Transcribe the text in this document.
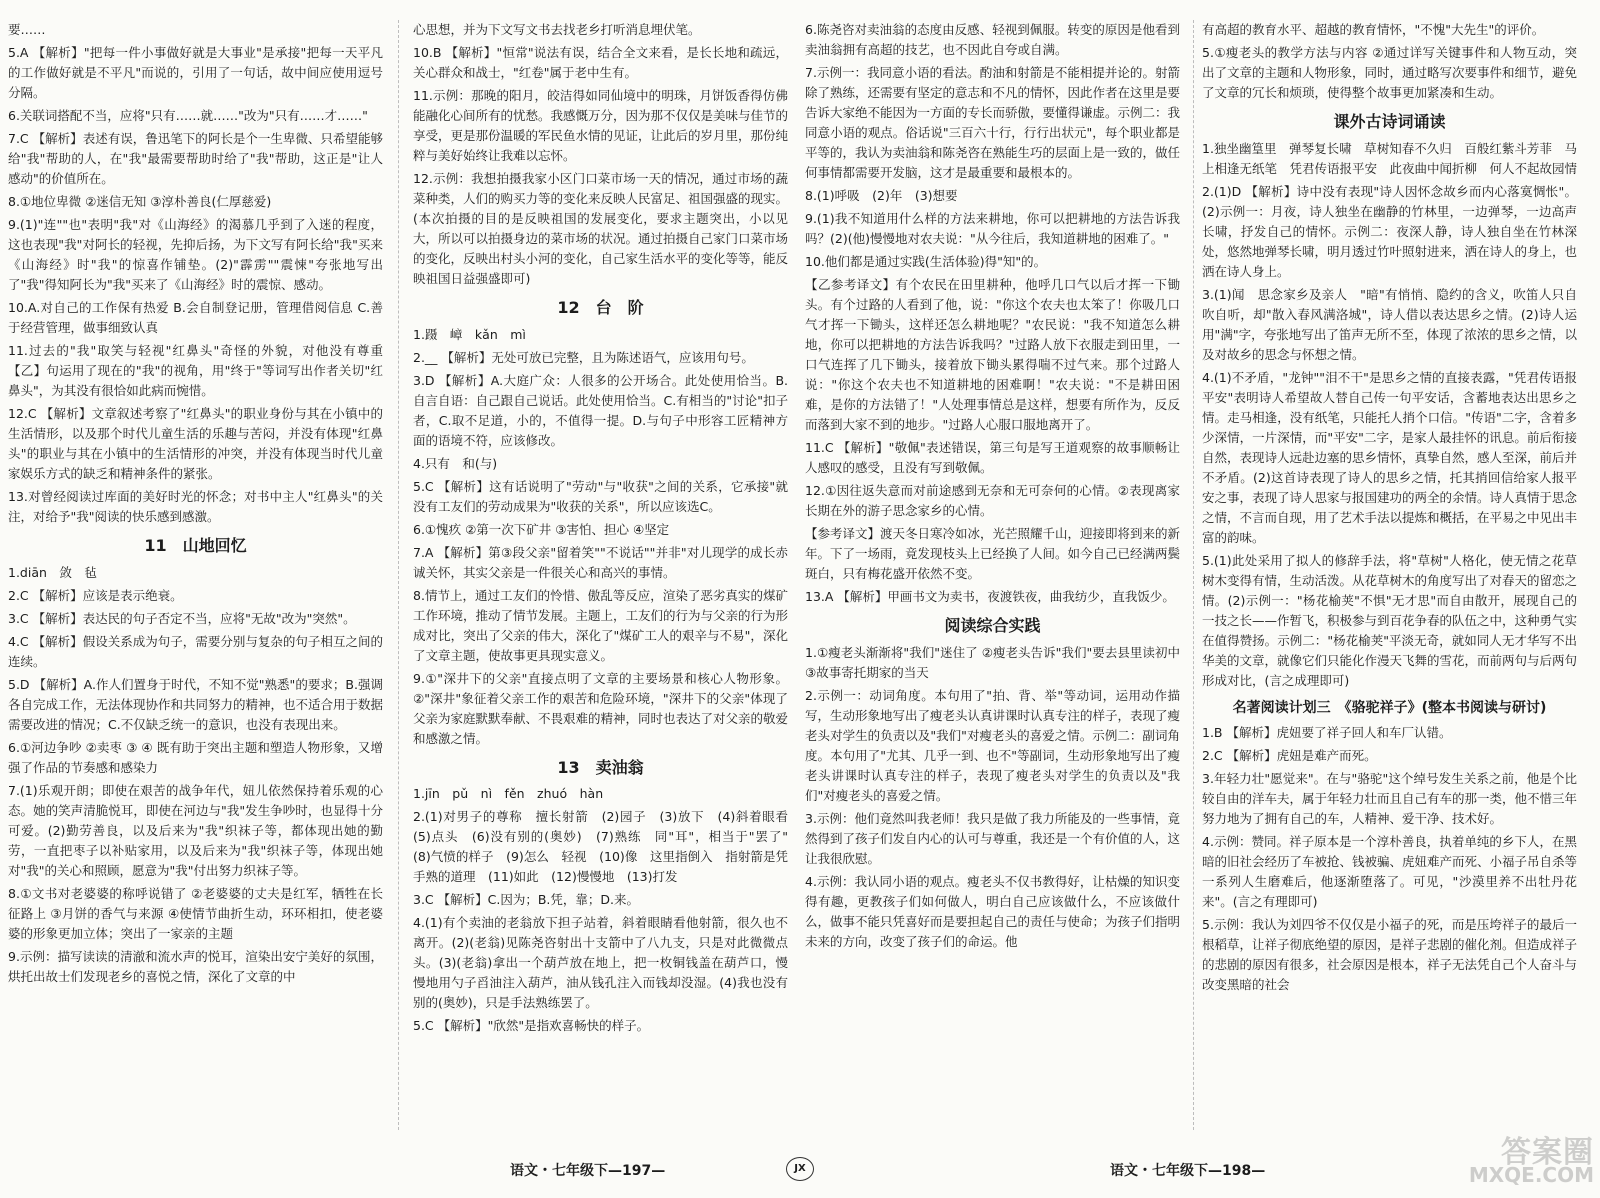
要……
5.A 【解析】"把每一件小事做好就是大事业"是承接"把每一天平凡的工作做好就是不平凡"而说的，引用了一句话，故中间应使用逗号分隔。
6.关联词搭配不当，应将"只有……就……"改为"只有……才……"
7.C 【解析】表述有误，鲁迅笔下的阿长是个一生卑微、只希望能够给"我"帮助的人，在"我"最需要帮助时给了"我"帮助，这正是"让人感动"的价值所在。
8.①地位卑微 ②迷信无知 ③淳朴善良(仁厚慈爱)
9.(1)"连""也"表明"我"对《山海经》的渴慕几乎到了入迷的程度，这也表现"我"对阿长的轻视，先抑后扬，为下文写有阿长给"我"买来《山海经》时"我"的惊喜作铺垫。(2)"霹雳""震悚"夸张地写出了"我"得知阿长为"我"买来了《山海经》时的震惊、感动。
10.A.对自己的工作保有热爱 B.会自制登记册，管理借阅信息 C.善于经营管理，做事细致认真
11.过去的"我"取笑与轻视"红鼻头"奇怪的外貌，对他没有尊重 【乙】句运用了现在的"我"的视角，用"终于"等词写出作者关切"红鼻头"，为其没有很恰如此病而惋惜。
12.C 【解析】文章叙述考察了"红鼻头"的职业身份与其在小镇中的生活情形，以及那个时代儿童生活的乐趣与苦闷，并没有体现"红鼻头"的职业与其在小镇中的生活情形的冲突，并没有体现当时代儿童家娱乐方式的缺乏和精神条件的紧张。
13.对曾经阅读过库面的美好时光的怀念；对书中主人"红鼻头"的关注，对给予"我"阅读的快乐感到感激。
11　山地回忆
1.diān　敛　毡
2.C 【解析】应该是表示绝衰。
3.C 【解析】表达民的句子否定不当，应将"无故"改为"突然"。
4.C 【解析】假设关系成为句子，需要分别与复杂的句子相互之间的连续。
5.D 【解析】A.作人们置身于时代，不知不觉"熟悉"的要求；B.强调各自完成工作，无法体现协作和共同努力的精神，也不适合用于数据需要改进的情况；C.不仅缺乏统一的意识，也没有表现出来。
6.①河边争吵 ②卖枣 ③ ④ 既有助于突出主题和塑造人物形象，又增强了作品的节奏感和感染力
7.(1)乐观开朗；即使在艰苦的战争年代，妞儿依然保持着乐观的心态。她的笑声清脆悦耳，即使在河边与"我"发生争吵时，也显得十分可爱。(2)勤劳善良，以及后来为"我"织袜子等，都体现出她的勤劳，一直把枣子以补贴家用，以及后来为"我"织袜子等，体现出她对"我"的关心和照顾，愿意为"我"付出努力织袜子等。
8.①文书对老婆婆的称呼说错了 ②老婆婆的丈夫是红军，牺牲在长征路上 ③月饼的香气与来源 ④使情节曲折生动，环环相扣，使老婆婆的形象更加立体；突出了一家亲的主题
9.示例：描写读读的清澈和流水声的悦耳，渲染出安宁美好的氛围，烘托出故士们发现老乡的喜悦之情，深化了文章的中
心思想，并为下文写文书去找老乡打听消息埋伏笔。
10.B 【解析】"恒常"说法有误，结合全文来看，是长长地和疏远，关心群众和战士，"红卷"属于老中生有。
11.示例：那晚的阳月，皎洁得如同仙境中的明珠，月饼饭香得仿佛能融化心间所有的忧愁。我感慨万分，因为那不仅仅是美味与佳节的享受，更是那份温暖的军民鱼水情的见证，让此后的岁月里，那份纯粹与美好始终让我难以忘怀。
12.示例：我想拍摄我家小区门口菜市场一天的情况，通过市场的蔬菜种类，人们的购买力等的变化来反映人民富足、祖国强盛的现实。(本次拍摄的目的是反映祖国的发展变化，要求主题突出，小以见大，所以可以拍摄身边的菜市场的状况。通过拍摄自己家门口菜市场的变化，反映出村头小河的变化，自己家生活水平的变化等等，能反映祖国日益强盛即可)
12　台　阶
1.蹑　嶂　kǎn　mì
2.__ 【解析】无处可放已完整，且为陈述语气，应该用句号。
3.D 【解析】A.大庭广众：人很多的公开场合。此处使用恰当。B.自言自语：自己跟自己说话。此处使用恰当。C.有相当的"讨论"扣子者，C.取不足道，小的，不值得一提。D.与句子中形容工匠精神方面的语境不符，应该修改。
4.只有　和(与)
5.C 【解析】这有话说明了"劳动"与"收获"之间的关系，它承接"就没有工友们的劳动成果为"收获的关系"，所以应该选C。
6.①愧疚 ②第一次下矿井 ③害怕、担心 ④坚定
7.A 【解析】第③段父亲"留着笑""不说话""并非"对儿现学的成长赤诚关怀，其实父亲是一件很关心和高兴的事情。
8.情节上，通过工友们的怜惜、傲乱等反应，渲染了恶劣真实的煤矿工作环境，推动了情节发展。主题上，工友们的行为与父亲的行为形成对比，突出了父亲的伟大，深化了"煤矿工人的艰辛与不易"，深化了文章主题，使故事更具现实意义。
9.①"深井下的父亲"直接点明了文章的主要场景和核心人物形象。②"深井"象征着父亲工作的艰苦和危险环境，"深井下的父亲"体现了父亲为家庭默默奉献、不畏艰难的精神，同时也表达了对父亲的敬爱和感激之情。
13　卖油翁
1.jīn　pǔ　nì　fěn　zhuó　hàn
2.(1)对男子的尊称　擅长射箭　(2)园子　(3)放下　(4)斜着眼看　(5)点头　(6)没有别的(奥妙)　(7)熟练　同"耳"，相当于"罢了"　(8)气愤的样子　(9)怎么　轻视　(10)像　这里指倒入　指射箭是凭手熟的道理　(11)如此　(12)慢慢地　(13)打发
3.C 【解析】C.因为；B.凭，靠；D.来。
4.(1)有个卖油的老翁放下担子站着，斜着眼睛看他射箭，很久也不离开。(2)(老翁)见陈尧咨射出十支箭中了八九支，只是对此微微点头。(3)(老翁)拿出一个葫芦放在地上，把一枚铜钱盖在葫芦口，慢慢地用勺子舀油注入葫芦，油从钱孔注入而钱却没湿。(4)我也没有别的(奥妙)，只是手法熟练罢了。
5.C 【解析】"欣然"是指欢喜畅快的样子。
6.陈尧咨对卖油翁的态度由反感、轻视到佩服。转变的原因是他看到卖油翁拥有高超的技艺，也不因此自夸或自满。
7.示例一：我同意小语的看法。酌油和射箭是不能相提并论的。射箭除了熟练，还需要有坚定的意志和不凡的情怀，因此作者在这里是要告诉大家绝不能因为一方面的专长而骄傲，要懂得谦虚。示例二：我同意小语的观点。俗话说"三百六十行，行行出状元"，每个职业都是平等的，我认为卖油翁和陈尧咨在熟能生巧的层面上是一致的，做任何事情都需要开发脑，这才是最重要和最根本的。
8.(1)呼吸　(2)年　(3)想要
9.(1)我不知道用什么样的方法来耕地，你可以把耕地的方法告诉我吗？(2)(他)慢慢地对农夫说："从今往后，我知道耕地的困难了。"
10.他们都是通过实践(生活体验)得"知"的。
【乙参考译文】有个农民在田里耕种，他呼几口气以后才挥一下锄头。有个过路的人看到了他，说："你这个农夫也太笨了！你吸几口气才挥一下锄头，这样还怎么耕地呢？"农民说："我不知道怎么耕地，你可以把耕地的方法告诉我吗？"过路人放下衣服走到田里，一口气连挥了几下锄头，接着放下锄头累得喘不过气来。那个过路人说："你这个农夫也不知道耕地的困难啊！"农夫说："不是耕田困难，是你的方法错了！"人处理事情总是这样，想要有所作为，反反而落到大家不到的地步。"过路人心服口服地离开了。
11.C 【解析】"敬佩"表述错误，第三句是写王道观察的故事顺畅让人感叹的感受，且没有写到敬佩。
12.①因往返失意而对前途感到无奈和无可奈何的心情。②表现离家长期在外的游子思念家乡的心情。
【参考译文】渡天冬日寒冷如冰，光芒照耀千山，迎接即将到来的新年。下了一场雨，竟发现枝头上已经换了人间。如今自己已经满两鬓斑白，只有梅花盛开依然不变。
13.A 【解析】甲画书文为卖书，夜渡铁夜，曲我纺少，直我饭少。
阅读综合实践
1.①瘦老头渐渐将"我们"迷住了 ②瘦老头告诉"我们"要去县里读初中 ③故事寄托期家的当天
2.示例一：动词角度。本句用了"拍、背、举"等动词，运用动作描写，生动形象地写出了瘦老头认真讲课时认真专注的样子，表现了瘦老头对学生的负责以及"我们"对瘦老头的喜爱之情。示例二：副词角度。本句用了"尤其、几乎一到、也不"等副词，生动形象地写出了瘦老头讲课时认真专注的样子，表现了瘦老头对学生的负责以及"我们"对瘦老头的喜爱之情。
3.示例：他们竟然叫我老师！我只是做了我力所能及的一些事情，竟然得到了孩子们发自内心的认可与尊重，我还是一个有价值的人，这让我很欣慰。
4.示例：我认同小语的观点。瘦老头不仅书教得好，让枯燥的知识变得有趣，更教孩子们如何做人，明白自己应该做什么，不应该做什么，做事不能只凭喜好而是要担起自己的责任与使命；为孩子们指明未来的方向，改变了孩子们的命运。他
有高超的教育水平、超越的教育情怀，"不愧"大先生"的评价。
5.①瘦老头的教学方法与内容 ②通过详写关键事件和人物互动，突出了文章的主题和人物形象，同时，通过略写次要事件和细节，避免了文章的冗长和烦琐，使得整个故事更加紧凑和生动。
课外古诗词诵读
1.独坐幽篁里　弹琴复长啸　草树知春不久归　百般红紫斗芳菲　马上相逢无纸笔　凭君传语报平安　此夜曲中闻折柳　何人不起故园情
2.(1)D 【解析】诗中没有表现"诗人因怀念故乡而内心落寞惆怅"。(2)示例一：月夜，诗人独坐在幽静的竹林里，一边弹琴，一边高声长啸，抒发自己的情怀。示例二：夜深人静，诗人独自坐在竹林深处，悠然地弹琴长啸，明月透过竹叶照射进来，洒在诗人的身上，也洒在诗人身上。
3.(1)闻　思念家乡及亲人　"暗"有悄悄、隐约的含义，吹笛人只自吹自听，却"散入春风满洛城"，诗人借以表达思乡之情。(2)诗人运用"满"字，夸张地写出了笛声无所不至，体现了浓浓的思乡之情，以及对故乡的思念与怀想之情。
4.(1)不矛盾，"龙钟""泪不干"是思乡之情的直接表露，"凭君传语报平安"表明诗人希望故人替自己传一句平安话，含蓄地表达出思乡之情。走马相逢，没有纸笔，只能托人捎个口信。"传语"二字，含着多少深情，一片深情，而"平安"二字，是家人最挂怀的讯息。前后衔接自然，表现诗人远赴边塞的思乡情怀，真挚自然，感人至深，前后并不矛盾。(2)这首诗表现了诗人的思乡之情，托其捎回信给家人报平安之事，表现了诗人思家与报国建功的两全的余情。诗人真情于思念之情，不言而自现，用了艺术手法以提炼和概括，在平易之中见出丰富的韵味。
5.(1)此处采用了拟人的修辞手法，将"草树"人格化，使无情之花草树木变得有情，生动活泼。从花草树木的角度写出了对春天的留恋之情。(2)示例一："杨花榆荚"不惧"无才思"而自由散开，展现自己的一技之长——作暂飞，积极参与到百花争春的队伍之中，这种勇气实在值得赞扬。示例二："杨花榆荚"平淡无奇，就如同人无才华写不出华美的文章，就像它们只能化作漫天飞舞的雪花，而前两句与后两句形成对比，(言之成理即可)
名著阅读计划三　《骆驼祥子》(整本书阅读与研讨)
1.B 【解析】虎妞要了祥子回人和车厂认错。
2.C 【解析】虎妞是难产而死。
3.年轻力壮"愿觉来"。在与"骆驼"这个绰号发生关系之前，他是个比较自由的洋车夫，属于年轻力壮而且自己有车的那一类，他不惜三年努力地为了拥有自己的车，人精神、爱干净、技术好。
4.示例：赞同。祥子原本是一个淳朴善良，执着单纯的乡下人，在黑暗的旧社会经历了车被抢、钱被骗、虎妞难产而死、小福子吊自杀等一系列人生磨难后，他逐渐堕落了。可见，"沙漠里养不出牡丹花来"。(言之有理即可)
5.示例：我认为刘四爷不仅仅是小福子的死，而是压垮祥子的最后一根稻草，让祥子彻底绝望的原因，是祥子悲剧的催化剂。但造成祥子的悲剧的原因有很多，社会原因是根本，祥子无法凭自己个人奋斗与改变黑暗的社会
语文・七年级下—197—	JX	语文・七年级下—198—
答案圈
MXQE.COM
